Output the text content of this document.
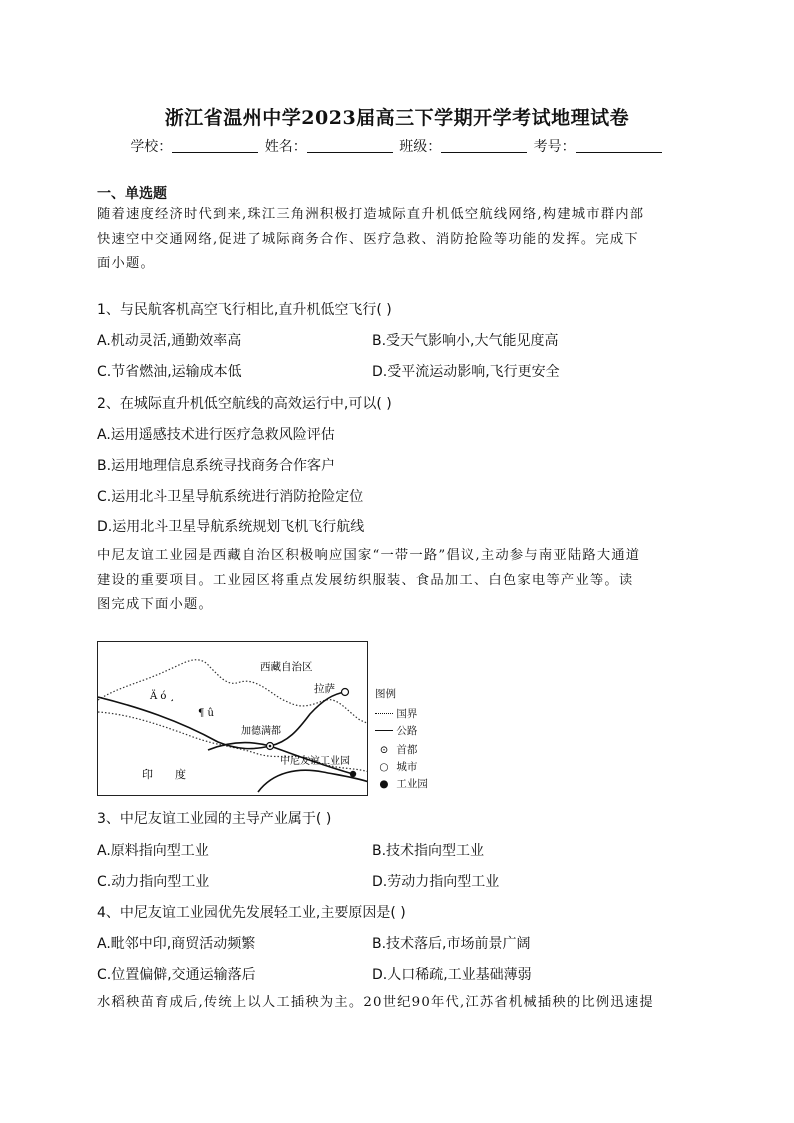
浙江省温州中学2023届高三下学期开学考试地理试卷
学校：	姓名：	班级：	考号：
一、单选题
随着速度经济时代到来,珠江三角洲积极打造城际直升机低空航线网络,构建城市群内部
快速空中交通网络,促进了城际商务合作、医疗急救、消防抢险等功能的发挥。完成下
面小题。
1、与民航客机高空飞行相比,直升机低空飞行( )
A.机动灵活,通勤效率高	B.受天气影响小,大气能见度高
C.节省燃油,运输成本低	D.受平流运动影响,飞行更安全
2、在城际直升机低空航线的高效运行中,可以( )
A.运用遥感技术进行医疗急救风险评估
B.运用地理信息系统寻找商务合作客户
C.运用北斗卫星导航系统进行消防抢险定位
D.运用北斗卫星导航系统规划飞机飞行航线
中尼友谊工业园是西藏自治区积极响应国家“一带一路”倡议,主动参与南亚陆路大通道
建设的重要项目。工业园区将重点发展纺织服装、食品加工、白色家电等产业等。读
图完成下面小题。
西藏自治区
拉萨
Ä ó ¸
¶ û
加德满都
中尼友谊工业园
印　　度
图例
国界
公路
⊙ 首都
○ 城市
● 工业园
3、中尼友谊工业园的主导产业属于( )
A.原料指向型工业	B.技术指向型工业
C.动力指向型工业	D.劳动力指向型工业
4、中尼友谊工业园优先发展轻工业,主要原因是( )
A.毗邻中印,商贸活动频繁	B.技术落后,市场前景广阔
C.位置偏僻,交通运输落后	D.人口稀疏,工业基础薄弱
水稻秧苗育成后,传统上以人工插秧为主。20世纪90年代,江苏省机械插秧的比例迅速提
